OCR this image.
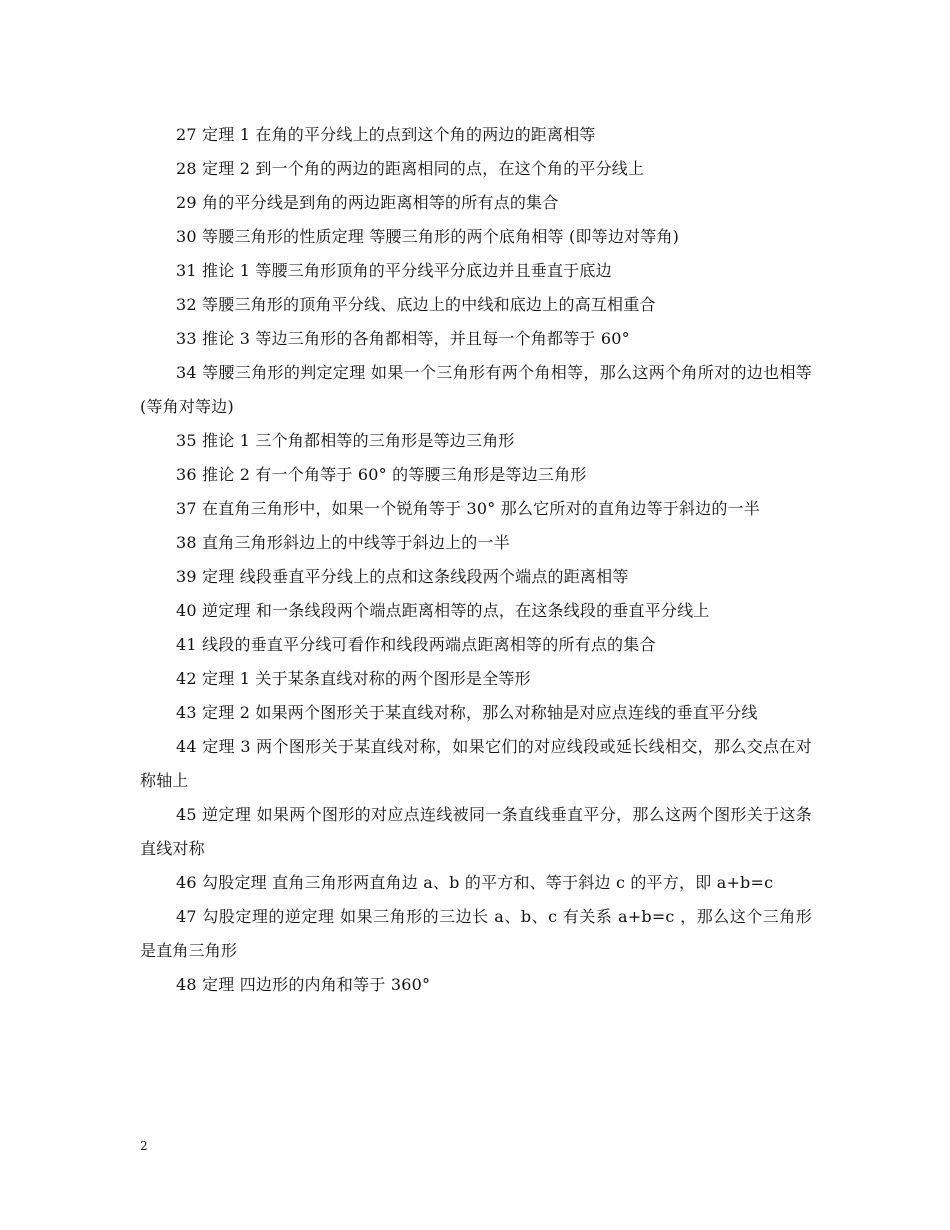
27 定理 1 在角的平分线上的点到这个角的两边的距离相等

28 定理 2 到一个角的两边的距离相同的点，在这个角的平分线上

29 角的平分线是到角的两边距离相等的所有点的集合

30 等腰三角形的性质定理 等腰三角形的两个底角相等 (即等边对等角)

31 推论 1 等腰三角形顶角的平分线平分底边并且垂直于底边

32 等腰三角形的顶角平分线、底边上的中线和底边上的高互相重合

33 推论 3 等边三角形的各角都相等，并且每一个角都等于 60°

34 等腰三角形的判定定理 如果一个三角形有两个角相等，那么这两个角所对的边也相等(等角对等边)

35 推论 1 三个角都相等的三角形是等边三角形

36 推论 2 有一个角等于 60° 的等腰三角形是等边三角形

37 在直角三角形中，如果一个锐角等于 30° 那么它所对的直角边等于斜边的一半

38 直角三角形斜边上的中线等于斜边上的一半

39 定理 线段垂直平分线上的点和这条线段两个端点的距离相等

40 逆定理 和一条线段两个端点距离相等的点，在这条线段的垂直平分线上

41 线段的垂直平分线可看作和线段两端点距离相等的所有点的集合

42 定理 1 关于某条直线对称的两个图形是全等形

43 定理 2 如果两个图形关于某直线对称，那么对称轴是对应点连线的垂直平分线

44 定理 3 两个图形关于某直线对称，如果它们的对应线段或延长线相交，那么交点在对称轴上

45 逆定理 如果两个图形的对应点连线被同一条直线垂直平分，那么这两个图形关于这条直线对称

46 勾股定理 直角三角形两直角边 a、b 的平方和、等于斜边 c 的平方，即 a+b=c

47 勾股定理的逆定理 如果三角形的三边长 a、b、c 有关系 a+b=c ，那么这个三角形是直角三角形

48 定理 四边形的内角和等于 360°

2
